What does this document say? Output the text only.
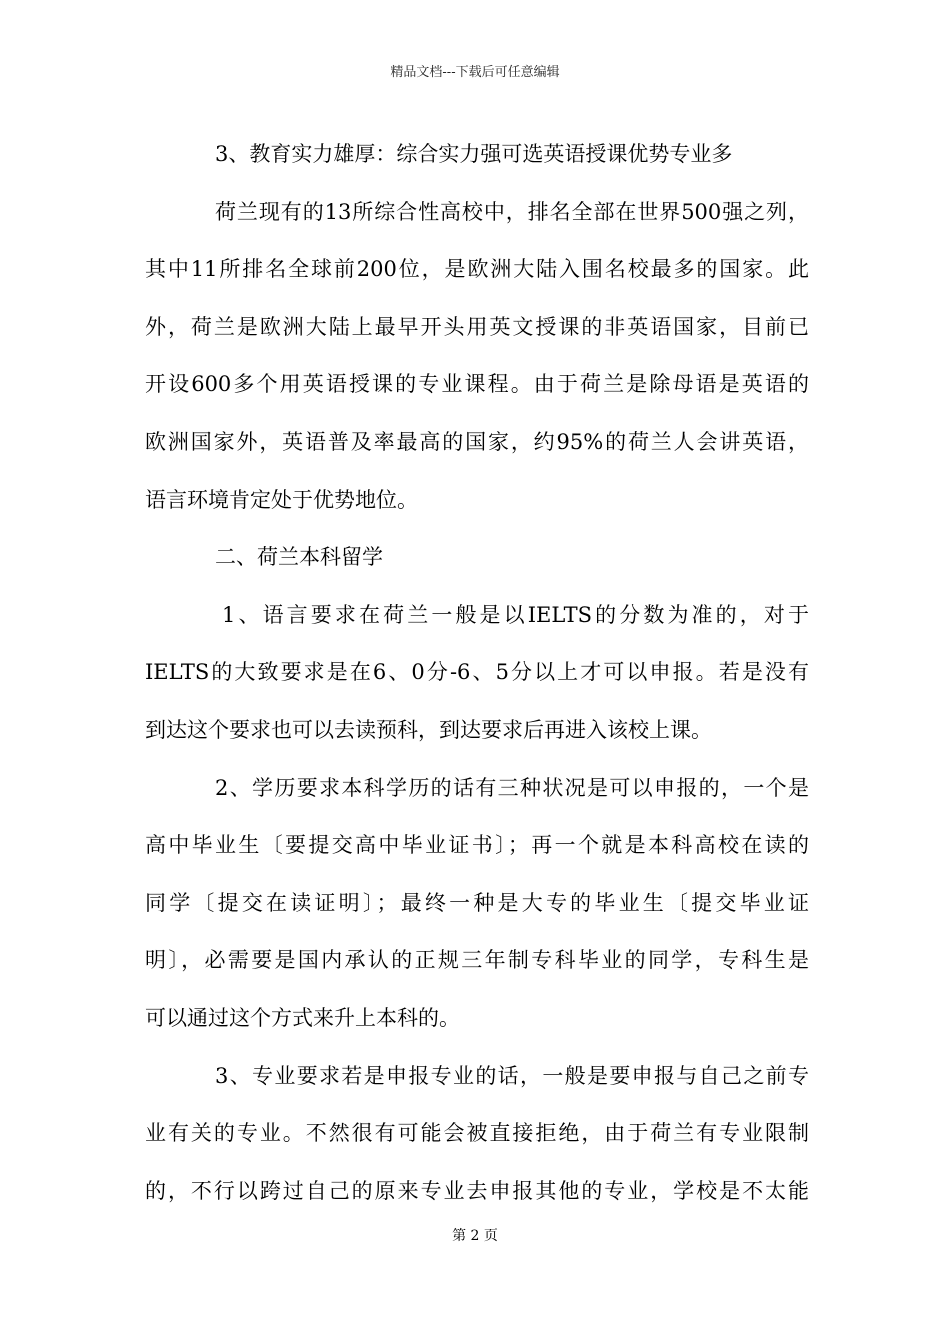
精品文档---下载后可任意编辑
3、教育实力雄厚：综合实力强可选英语授课优势专业多
荷兰现有的13所综合性高校中，排名全部在世界500强之列，
其中11所排名全球前200位，是欧洲大陆入围名校最多的国家。此
外，荷兰是欧洲大陆上最早开头用英文授课的非英语国家，目前已
开设600多个用英语授课的专业课程。由于荷兰是除母语是英语的
欧洲国家外，英语普及率最高的国家，约95%的荷兰人会讲英语，
语言环境肯定处于优势地位。
二、荷兰本科留学
1、语言要求在荷兰一般是以IELTS的分数为准的，对于
IELTS的大致要求是在6、0分-6、5分以上才可以申报。若是没有
到达这个要求也可以去读预科，到达要求后再进入该校上课。
2、学历要求本科学历的话有三种状况是可以申报的，一个是
高中毕业生〔要提交高中毕业证书〕；再一个就是本科高校在读的
同学〔提交在读证明〕；最终一种是大专的毕业生〔提交毕业证
明〕，必需要是国内承认的正规三年制专科毕业的同学，专科生是
可以通过这个方式来升上本科的。
3、专业要求若是申报专业的话，一般是要申报与自己之前专
业有关的专业。不然很有可能会被直接拒绝，由于荷兰有专业限制
的，不行以跨过自己的原来专业去申报其他的专业，学校是不太能
第 2 页
